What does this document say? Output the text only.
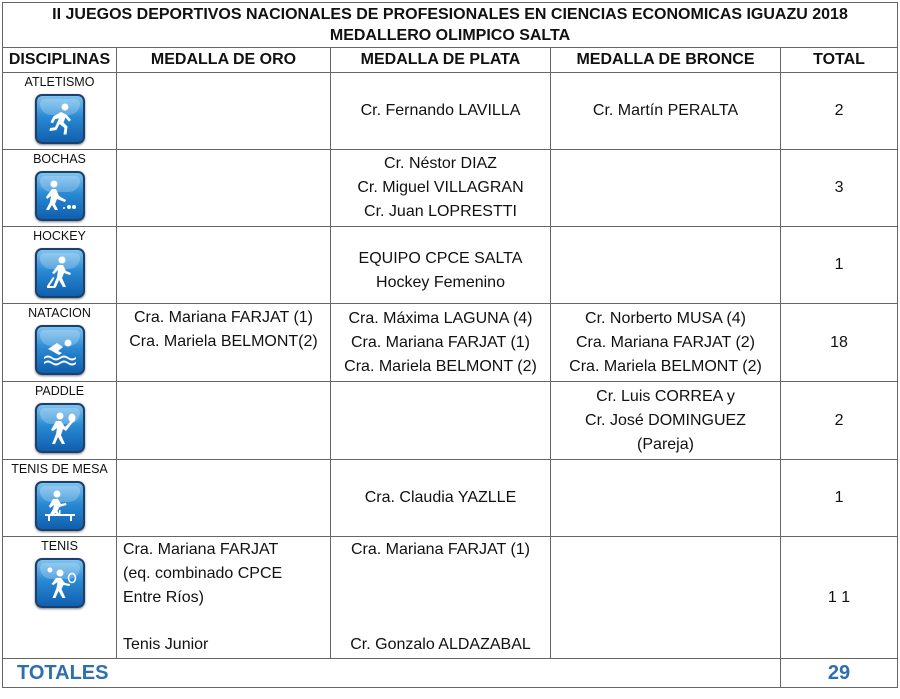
II JUEGOS DEPORTIVOS NACIONALES DE PROFESIONALES EN CIENCIAS ECONOMICAS IGUAZU 2018
MEDALLERO OLIMPICO SALTA				

DISCIPLINAS	MEDALLA DE ORO	MEDALLA DE PLATA	MEDALLA DE BRONCE	TOTAL

ATLETISMO		Cr. Fernando LAVILLA	Cr. Martín PERALTA	2

BOCHAS		Cr. Néstor DIAZ
Cr. Miguel VILLAGRAN
Cr. Juan LOPRESTTI		3

HOCKEY		EQUIPO CPCE SALTA
Hockey Femenino		1

NATACION	Cra. Mariana FARJAT (1)
Cra. Mariela BELMONT(2)	Cra. Máxima LAGUNA (4)
Cra. Mariana FARJAT (1)
Cra. Mariela BELMONT (2)	Cr. Norberto MUSA (4)
Cra. Mariana FARJAT (2)
Cra. Mariela BELMONT (2)	18

PADDLE			Cr. Luis CORREA y
Cr. José DOMINGUEZ
(Pareja)	2

TENIS DE MESA		Cra. Claudia YAZLLE		1

TENIS	Cra. Mariana FARJAT
(eq. combinado CPCE
Entre Ríos)
Tenis Junior	Cra. Mariana FARJAT (1)
Cr. Gonzalo ALDAZABAL		1 1
TOTALES				29
